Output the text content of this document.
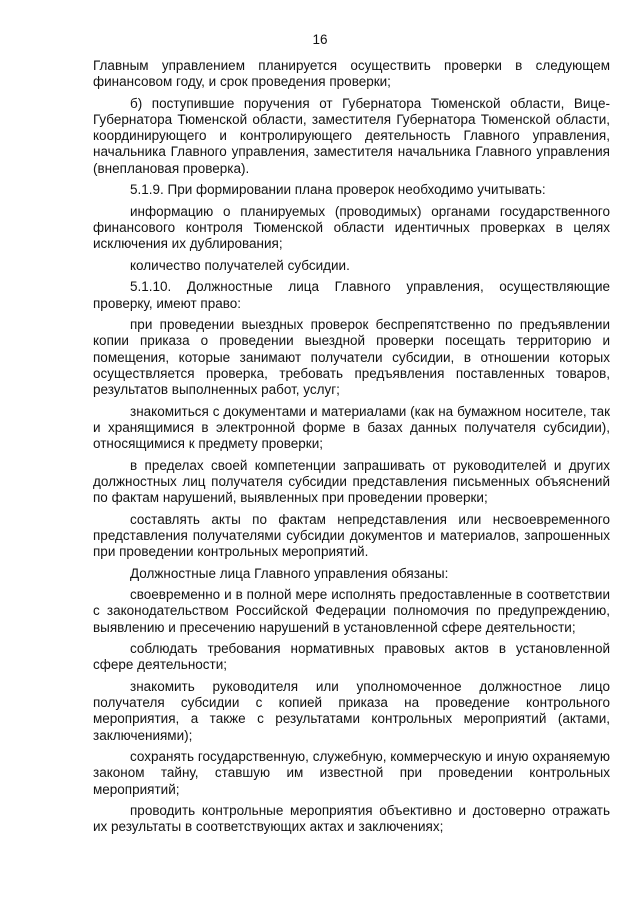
16

Главным управлением планируется осуществить проверки в следующем финансовом году, и срок проведения проверки;

б) поступившие поручения от Губернатора Тюменской области, Вице-Губернатора Тюменской области, заместителя Губернатора Тюменской области, координирующего и контролирующего деятельность Главного управления, начальника Главного управления, заместителя начальника Главного управления (внеплановая проверка).

5.1.9. При формировании плана проверок необходимо учитывать:

информацию о планируемых (проводимых) органами государственного финансового контроля Тюменской области идентичных проверках в целях исключения их дублирования;

количество получателей субсидии.

5.1.10. Должностные лица Главного управления, осуществляющие проверку, имеют право:

при проведении выездных проверок беспрепятственно по предъявлении копии приказа о проведении выездной проверки посещать территорию и помещения, которые занимают получатели субсидии, в отношении которых осуществляется проверка, требовать предъявления поставленных товаров, результатов выполненных работ, услуг;

знакомиться с документами и материалами (как на бумажном носителе, так и хранящимися в электронной форме в базах данных получателя субсидии), относящимися к предмету проверки;

в пределах своей компетенции запрашивать от руководителей и других должностных лиц получателя субсидии представления письменных объяснений по фактам нарушений, выявленных при проведении проверки;

составлять акты по фактам непредставления или несвоевременного представления получателями субсидии документов и материалов, запрошенных при проведении контрольных мероприятий.

Должностные лица Главного управления обязаны:

своевременно и в полной мере исполнять предоставленные в соответствии с законодательством Российской Федерации полномочия по предупреждению, выявлению и пресечению нарушений в установленной сфере деятельности;

соблюдать требования нормативных правовых актов в установленной сфере деятельности;

знакомить руководителя или уполномоченное должностное лицо получателя субсидии с копией приказа на проведение контрольного мероприятия, а также с результатами контрольных мероприятий (актами, заключениями);

сохранять государственную, служебную, коммерческую и иную охраняемую законом тайну, ставшую им известной при проведении контрольных мероприятий;

проводить контрольные мероприятия объективно и достоверно отражать их результаты в соответствующих актах и заключениях;
